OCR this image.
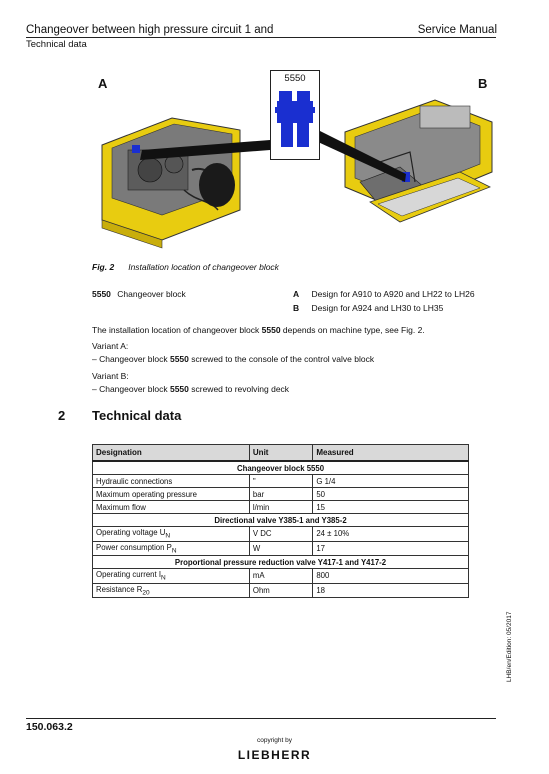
Changeover between high pressure circuit 1 and	Service Manual
Technical data
A	B
5550
Fig. 2 Installation location of changeover block
5550 Changeover block	A Design for A910 to A920 and LH22 to LH26
B Design for A924 and LH30 to LH35
The installation location of changeover block 5550 depends on machine type, see Fig. 2.
Variant A:
– Changeover block 5550 screwed to the console of the control valve block
Variant B:
– Changeover block 5550 screwed to revolving deck
2 Technical data
Designation	Unit	Measured
Changeover block 5550		
Hydraulic connections	"	G 1/4
Maximum operating pressure	bar	50
Maximum flow	l/min	15
Directional valve Y385-1 and Y385-2		
Operating voltage $U_N$	V DC	24 ± 10%
Power consumption $P_N$	W	17
Proportional pressure reduction valve Y417-1 and Y417-2		
Operating current $I_N$	mA	800
Resistance $R_{20}$	Ohm	18
LHB/en/Edition: 05/2017
150.063.2
copyright by
LIEBHERR
